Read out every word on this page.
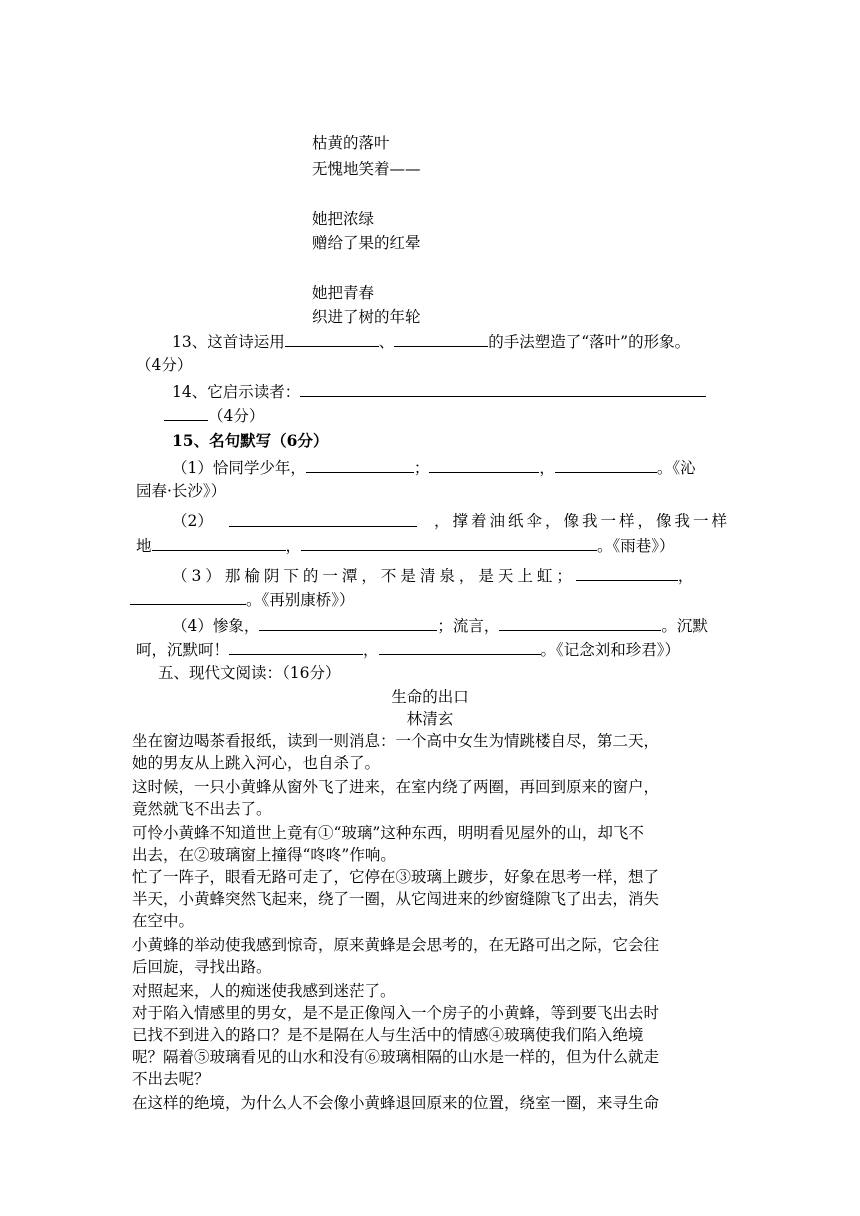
枯黄的落叶
无愧地笑着——
她把浓绿
赠给了果的红晕
她把青春
织进了树的年轮
13、这首诗运用	、	的手法塑造了“落叶”的形象。
（4分）
14、它启示读者：
（4分）
15、名句默写（6分）
（1）恰同学少年，	；	，	。《沁
园春·长沙》）
（2）	，撑着油纸伞，像我一样，像我一样
地	，	。《雨巷》）
（3）那榆阴下的一潭，不是清泉，是天上虹；	，
。《再别康桥》）
（4）惨象，	；流言，	。沉默
呵，沉默呵！	，	。《记念刘和珍君》）
五、现代文阅读：（16分）
生命的出口
林清玄
坐在窗边喝茶看报纸，读到一则消息：一个高中女生为情跳楼自尽，第二天，
她的男友从上跳入河心，也自杀了。
这时候，一只小黄蜂从窗外飞了进来，在室内绕了两圈，再回到原来的窗户，
竟然就飞不出去了。
可怜小黄蜂不知道世上竟有①“玻璃”这种东西，明明看见屋外的山，却飞不
出去，在②玻璃窗上撞得“咚咚”作响。
忙了一阵子，眼看无路可走了，它停在③玻璃上踱步，好象在思考一样，想了
半天，小黄蜂突然飞起来，绕了一圈，从它闯进来的纱窗缝隙飞了出去，消失
在空中。
小黄蜂的举动使我感到惊奇，原来黄蜂是会思考的，在无路可出之际，它会往
后回旋，寻找出路。
对照起来，人的痴迷使我感到迷茫了。
对于陷入情感里的男女，是不是正像闯入一个房子的小黄蜂，等到要飞出去时
已找不到进入的路口？是不是隔在人与生活中的情感④玻璃使我们陷入绝境
呢？隔着⑤玻璃看见的山水和没有⑥玻璃相隔的山水是一样的，但为什么就走
不出去呢？
在这样的绝境，为什么人不会像小黄蜂退回原来的位置，绕室一圈，来寻生命
